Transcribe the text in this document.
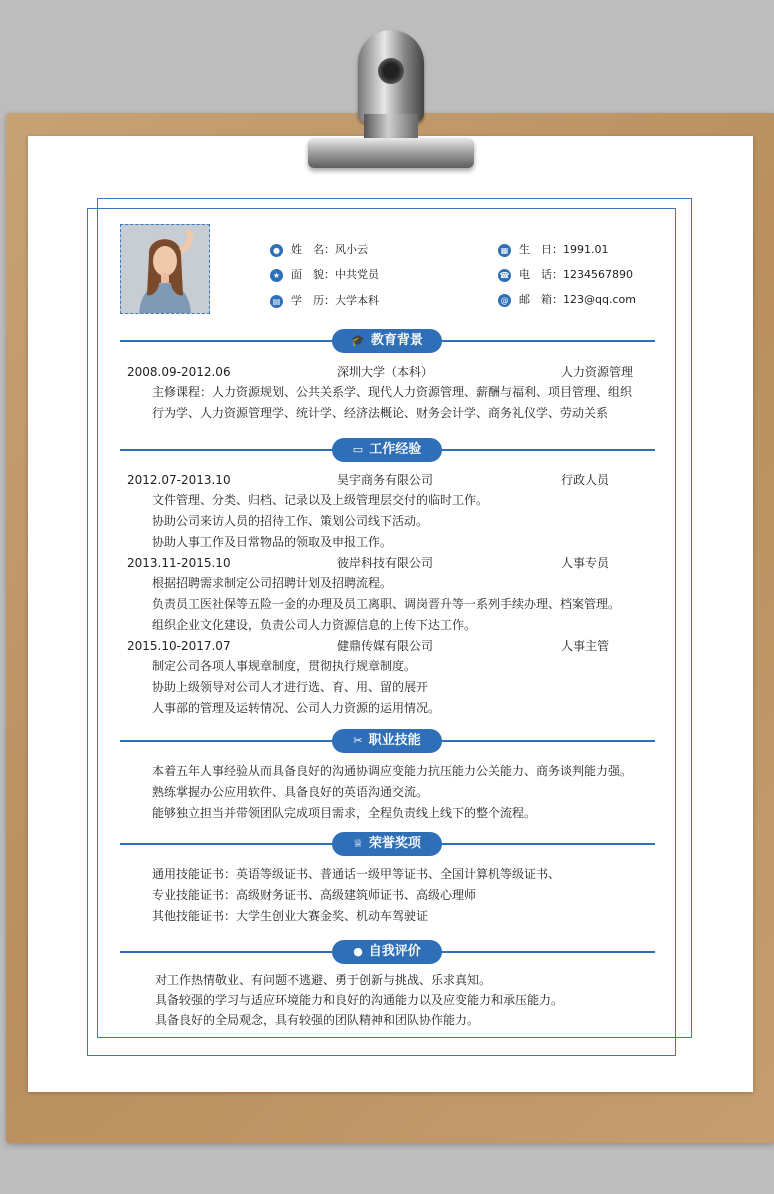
● 姓　名：风小云
★ 面　貌：中共党员
▤ 学　历：大学本科
▦ 生　日：1991.01
☎ 电　话：1234567890
@ 邮　箱：123@qq.com
🎓 教育背景
2008.09-2012.06	深圳大学（本科）	人力资源管理
主修课程：人力资源规划、公共关系学、现代人力资源管理、薪酬与福利、项目管理、组织
行为学、人力资源管理学、统计学、经济法概论、财务会计学、商务礼仪学、劳动关系
▭ 工作经验
2012.07-2013.10	昊宇商务有限公司	行政人员
文件管理、分类、归档、记录以及上级管理层交付的临时工作。
协助公司来访人员的招待工作、策划公司线下活动。
协助人事工作及日常物品的领取及申报工作。
2013.11-2015.10	彼岸科技有限公司	人事专员
根据招聘需求制定公司招聘计划及招聘流程。
负责员工医社保等五险一金的办理及员工离职、调岗晋升等一系列手续办理、档案管理。
组织企业文化建设，负责公司人力资源信息的上传下达工作。
2015.10-2017.07	健鼎传媒有限公司	人事主管
制定公司各项人事规章制度，贯彻执行规章制度。
协助上级领导对公司人才进行选、育、用、留的展开
人事部的管理及运转情况、公司人力资源的运用情况。
✂ 职业技能
本着五年人事经验从而具备良好的沟通协调应变能力抗压能力公关能力、商务谈判能力强。
熟练掌握办公应用软件、具备良好的英语沟通交流。
能够独立担当并带领团队完成项目需求，全程负责线上线下的整个流程。
♕ 荣誉奖项
通用技能证书：英语等级证书、普通话一级甲等证书、全国计算机等级证书、
专业技能证书：高级财务证书、高级建筑师证书、高级心理师
其他技能证书：大学生创业大赛金奖、机动车驾驶证
● 自我评价
对工作热情敬业、有问题不逃避、勇于创新与挑战、乐求真知。
具备较强的学习与适应环境能力和良好的沟通能力以及应变能力和承压能力。
具备良好的全局观念，具有较强的团队精神和团队协作能力。
